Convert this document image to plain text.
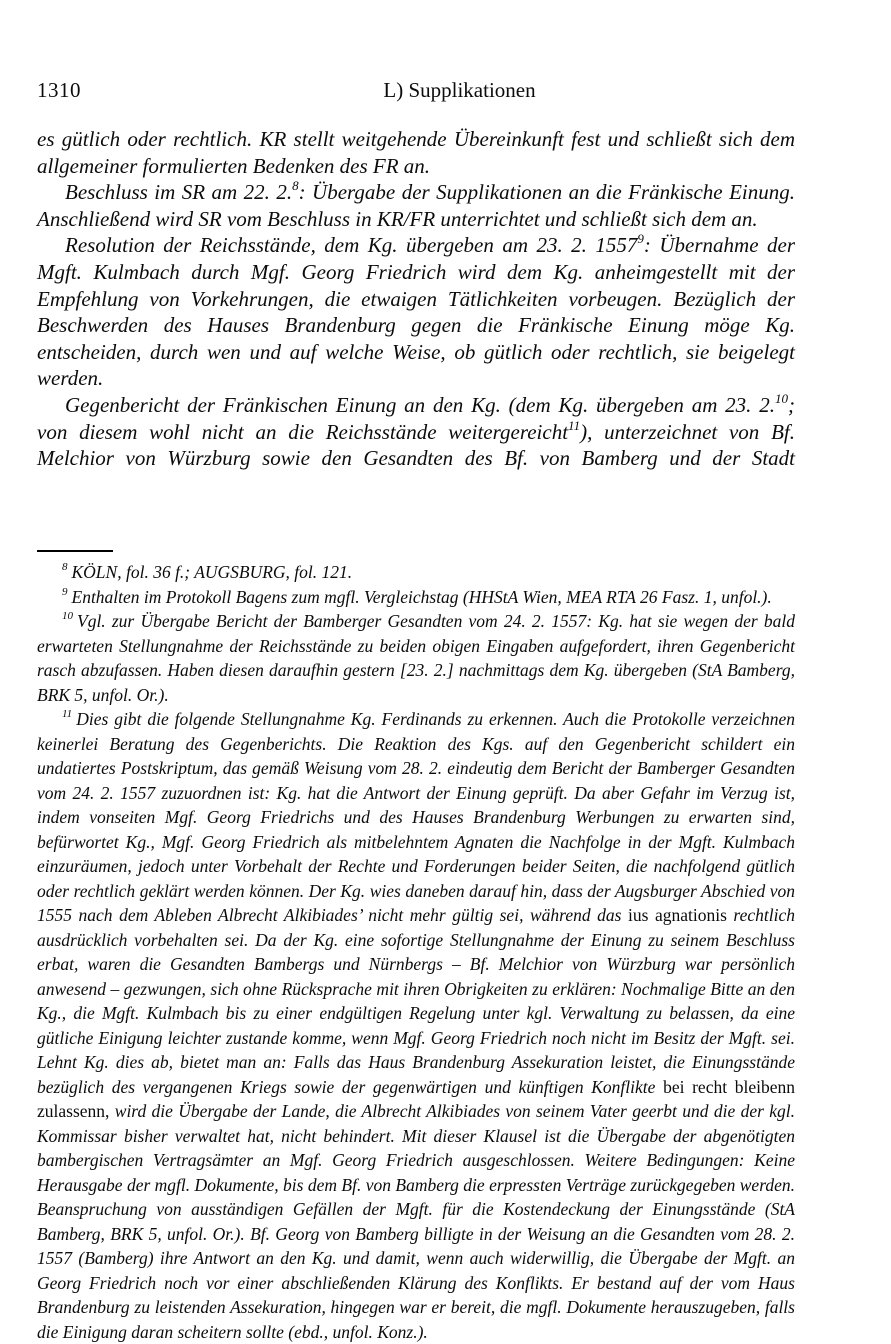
1310	L) Supplikationen

es gütlich oder rechtlich. KR stellt weitgehende Übereinkunft fest und schließt sich dem allgemeiner formulierten Bedenken des FR an.

Beschluss im SR am 22. 2.$^8$: Übergabe der Supplikationen an die Fränkische Einung. Anschließend wird SR vom Beschluss in KR/FR unterrichtet und schließt sich dem an.

Resolution der Reichsstände, dem Kg. übergeben am 23. 2. 1557$^9$: Übernahme der Mgft. Kulmbach durch Mgf. Georg Friedrich wird dem Kg. anheimgestellt mit der Empfehlung von Vorkehrungen, die etwaigen Tätlichkeiten vorbeugen. Bezüglich der Beschwerden des Hauses Brandenburg gegen die Fränkische Einung möge Kg. entscheiden, durch wen und auf welche Weise, ob gütlich oder rechtlich, sie beigelegt werden.

Gegenbericht der Fränkischen Einung an den Kg. (dem Kg. übergeben am 23. 2.10; von diesem wohl nicht an die Reichsstände weitergereicht$^{11}$), unterzeichnet von Bf. Melchior von Würzburg sowie den Gesandten des Bf. von Bamberg und der Stadt

$^8$ KÖLN, fol. 36 f.; AUGSBURG, fol. 121.

$^9$ Enthalten im Protokoll Bagens zum mgfl. Vergleichstag (HHStA Wien, MEA RTA 26 Fasz. 1, unfol.).

$^{10}$ Vgl. zur Übergabe Bericht der Bamberger Gesandten vom 24. 2. 1557: Kg. hat sie wegen der bald erwarteten Stellungnahme der Reichsstände zu beiden obigen Eingaben aufgefordert, ihren Gegenbericht rasch abzufassen. Haben diesen daraufhin gestern [23. 2.] nachmittags dem Kg. übergeben (StA Bamberg, BRK 5, unfol. Or.).

$^{11}$ Dies gibt die folgende Stellungnahme Kg. Ferdinands zu erkennen. Auch die Protokolle verzeichnen keinerlei Beratung des Gegenberichts. Die Reaktion des Kgs. auf den Gegenbericht schildert ein undatiertes Postskriptum, das gemäß Weisung vom 28. 2. eindeutig dem Bericht der Bamberger Gesandten vom 24. 2. 1557 zuzuordnen ist: Kg. hat die Antwort der Einung geprüft. Da aber Gefahr im Verzug ist, indem vonseiten Mgf. Georg Friedrichs und des Hauses Brandenburg Werbungen zu erwarten sind, befürwortet Kg., Mgf. Georg Friedrich als mitbelehntem Agnaten die Nachfolge in der Mgft. Kulmbach einzuräumen, jedoch unter Vorbehalt der Rechte und Forderungen beider Seiten, die nachfolgend gütlich oder rechtlich geklärt werden können. Der Kg. wies daneben darauf hin, dass der Augsburger Abschied von 1555 nach dem Ableben Albrecht Alkibiades’ nicht mehr gültig sei, während das ius agnationis rechtlich ausdrücklich vorbehalten sei. Da der Kg. eine sofortige Stellungnahme der Einung zu seinem Beschluss erbat, waren die Gesandten Bambergs und Nürnbergs – Bf. Melchior von Würzburg war persönlich anwesend – gezwungen, sich ohne Rücksprache mit ihren Obrigkeiten zu erklären: Nochmalige Bitte an den Kg., die Mgft. Kulmbach bis zu einer endgültigen Regelung unter kgl. Verwaltung zu belassen, da eine gütliche Einigung leichter zustande komme, wenn Mgf. Georg Friedrich noch nicht im Besitz der Mgft. sei. Lehnt Kg. dies ab, bietet man an: Falls das Haus Brandenburg Assekuration leistet, die Einungsstände bezüglich des vergangenen Kriegs sowie der gegenwärtigen und künftigen Konflikte bei recht bleibenn zulassenn, wird die Übergabe der Lande, die Albrecht Alkibiades von seinem Vater geerbt und die der kgl. Kommissar bisher verwaltet hat, nicht behindert. Mit dieser Klausel ist die Übergabe der abgenötigten bambergischen Vertragsämter an Mgf. Georg Friedrich ausgeschlossen. Weitere Bedingungen: Keine Herausgabe der mgfl. Dokumente, bis dem Bf. von Bamberg die erpressten Verträge zurückgegeben werden. Beanspruchung von ausständigen Gefällen der Mgft. für die Kostendeckung der Einungsstände (StA Bamberg, BRK 5, unfol. Or.). Bf. Georg von Bamberg billigte in der Weisung an die Gesandten vom 28. 2. 1557 (Bamberg) ihre Antwort an den Kg. und damit, wenn auch widerwillig, die Übergabe der Mgft. an Georg Friedrich noch vor einer abschließenden Klärung des Konflikts. Er bestand auf der vom Haus Brandenburg zu leistenden Assekuration, hingegen war er bereit, die mgfl. Dokumente herauszugeben, falls die Einigung daran scheitern sollte (ebd., unfol. Konz.).
